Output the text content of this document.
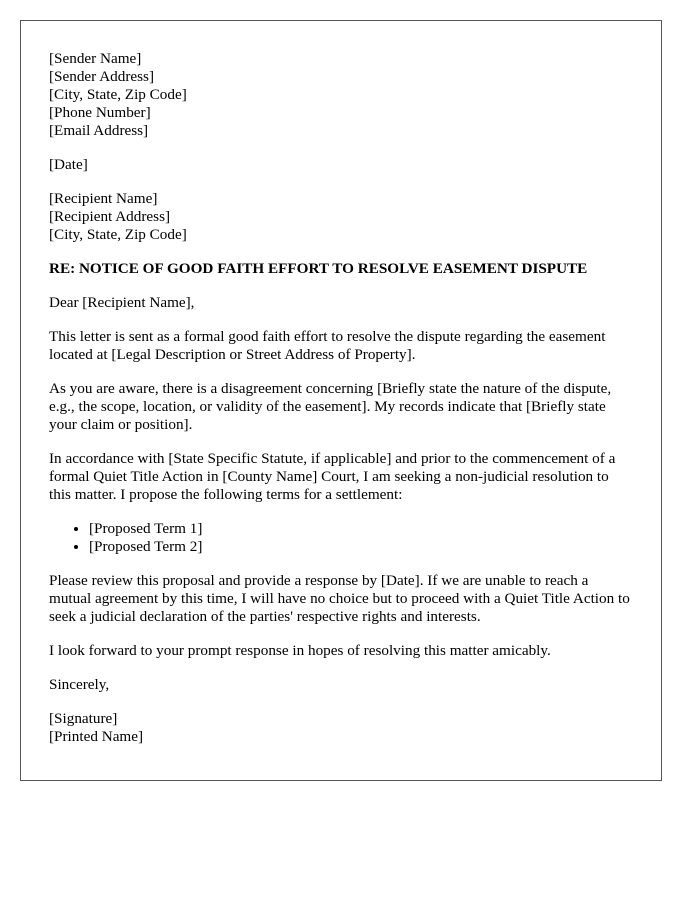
[Sender Name]
[Sender Address]
[City, State, Zip Code]
[Phone Number]
[Email Address]
[Date]
[Recipient Name]
[Recipient Address]
[City, State, Zip Code]
RE: NOTICE OF GOOD FAITH EFFORT TO RESOLVE EASEMENT DISPUTE

Dear [Recipient Name],

This letter is sent as a formal good faith effort to resolve the dispute regarding the easement located at [Legal Description or Street Address of Property].

As you are aware, there is a disagreement concerning [Briefly state the nature of the dispute, e.g., the scope, location, or validity of the easement]. My records indicate that [Briefly state your claim or position].

In accordance with [State Specific Statute, if applicable] and prior to the commencement of a formal Quiet Title Action in [County Name] Court, I am seeking a non-judicial resolution to this matter. I propose the following terms for a settlement:

• [Proposed Term 1]
• [Proposed Term 2]

Please review this proposal and provide a response by [Date]. If we are unable to reach a mutual agreement by this time, I will have no choice but to proceed with a Quiet Title Action to seek a judicial declaration of the parties' respective rights and interests.

I look forward to your prompt response in hopes of resolving this matter amicably.

Sincerely,

[Signature]
[Printed Name]
